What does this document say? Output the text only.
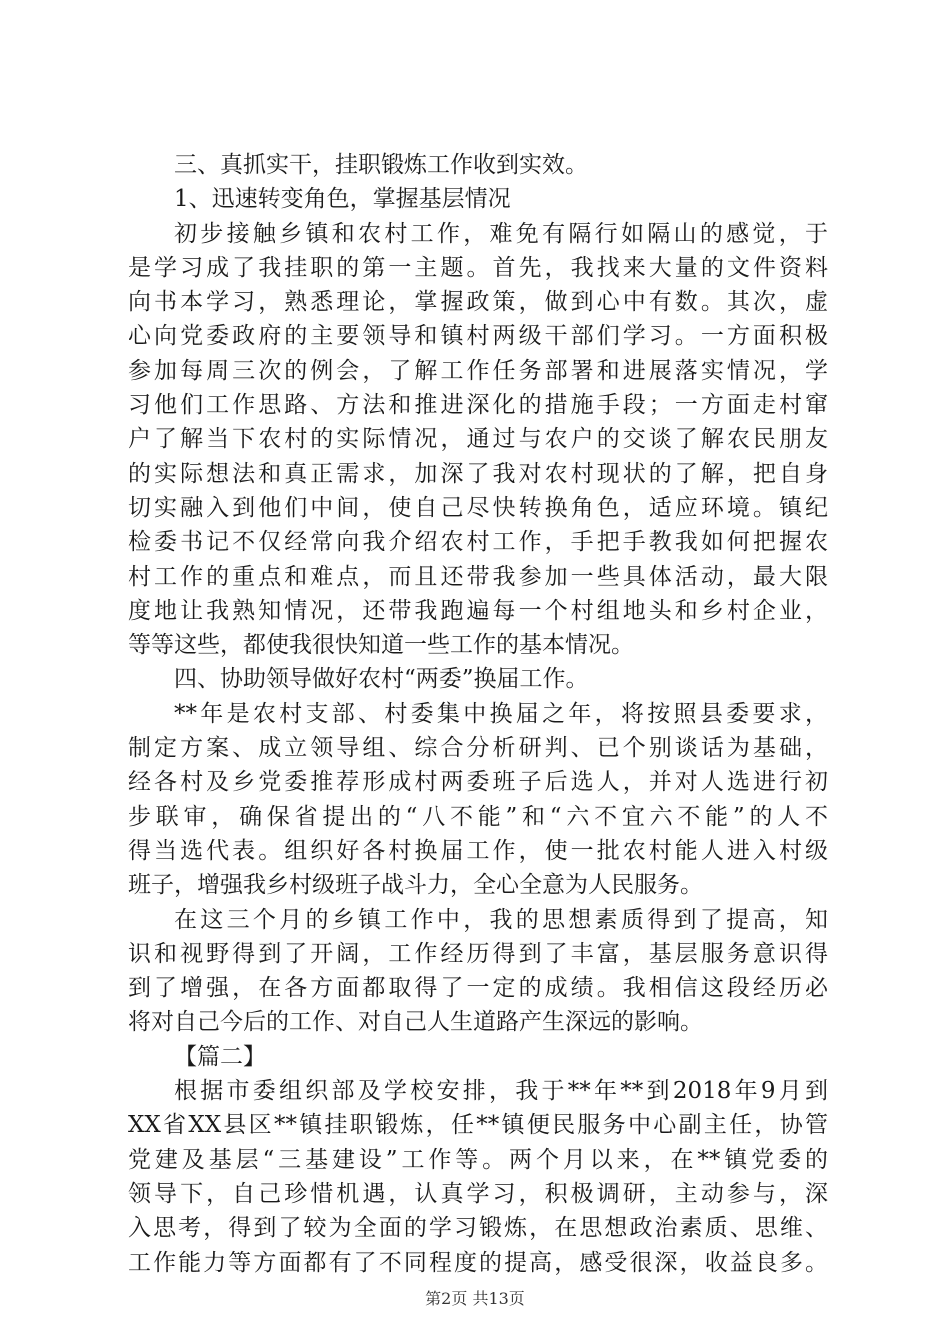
三、真抓实干，挂职锻炼工作收到实效。
1、迅速转变角色，掌握基层情况
初步接触乡镇和农村工作，难免有隔行如隔山的感觉，于
是学习成了我挂职的第一主题。首先，我找来大量的文件资料
向书本学习，熟悉理论，掌握政策，做到心中有数。其次，虚
心向党委政府的主要领导和镇村两级干部们学习。一方面积极
参加每周三次的例会，了解工作任务部署和进展落实情况，学
习他们工作思路、方法和推进深化的措施手段；一方面走村窜
户了解当下农村的实际情况，通过与农户的交谈了解农民朋友
的实际想法和真正需求，加深了我对农村现状的了解，把自身
切实融入到他们中间，使自己尽快转换角色，适应环境。镇纪
检委书记不仅经常向我介绍农村工作，手把手教我如何把握农
村工作的重点和难点，而且还带我参加一些具体活动，最大限
度地让我熟知情况，还带我跑遍每一个村组地头和乡村企业，
等等这些，都使我很快知道一些工作的基本情况。
四、协助领导做好农村“两委”换届工作。
**年是农村支部、村委集中换届之年，将按照县委要求，
制定方案、成立领导组、综合分析研判、已个别谈话为基础，
经各村及乡党委推荐形成村两委班子后选人，并对人选进行初
步联审，确保省提出的“八不能”和“六不宜六不能”的人不
得当选代表。组织好各村换届工作，使一批农村能人进入村级
班子，增强我乡村级班子战斗力，全心全意为人民服务。
在这三个月的乡镇工作中，我的思想素质得到了提高，知
识和视野得到了开阔，工作经历得到了丰富，基层服务意识得
到了增强，在各方面都取得了一定的成绩。我相信这段经历必
将对自己今后的工作、对自己人生道路产生深远的影响。
【篇二】
根据市委组织部及学校安排，我于**年**到2018年9月到
XX省XX县区**镇挂职锻炼，任**镇便民服务中心副主任，协管
党建及基层“三基建设”工作等。两个月以来，在**镇党委的
领导下，自己珍惜机遇，认真学习，积极调研，主动参与，深
入思考，得到了较为全面的学习锻炼，在思想政治素质、思维、
工作能力等方面都有了不同程度的提高，感受很深，收益良多。
第2页 共13页
